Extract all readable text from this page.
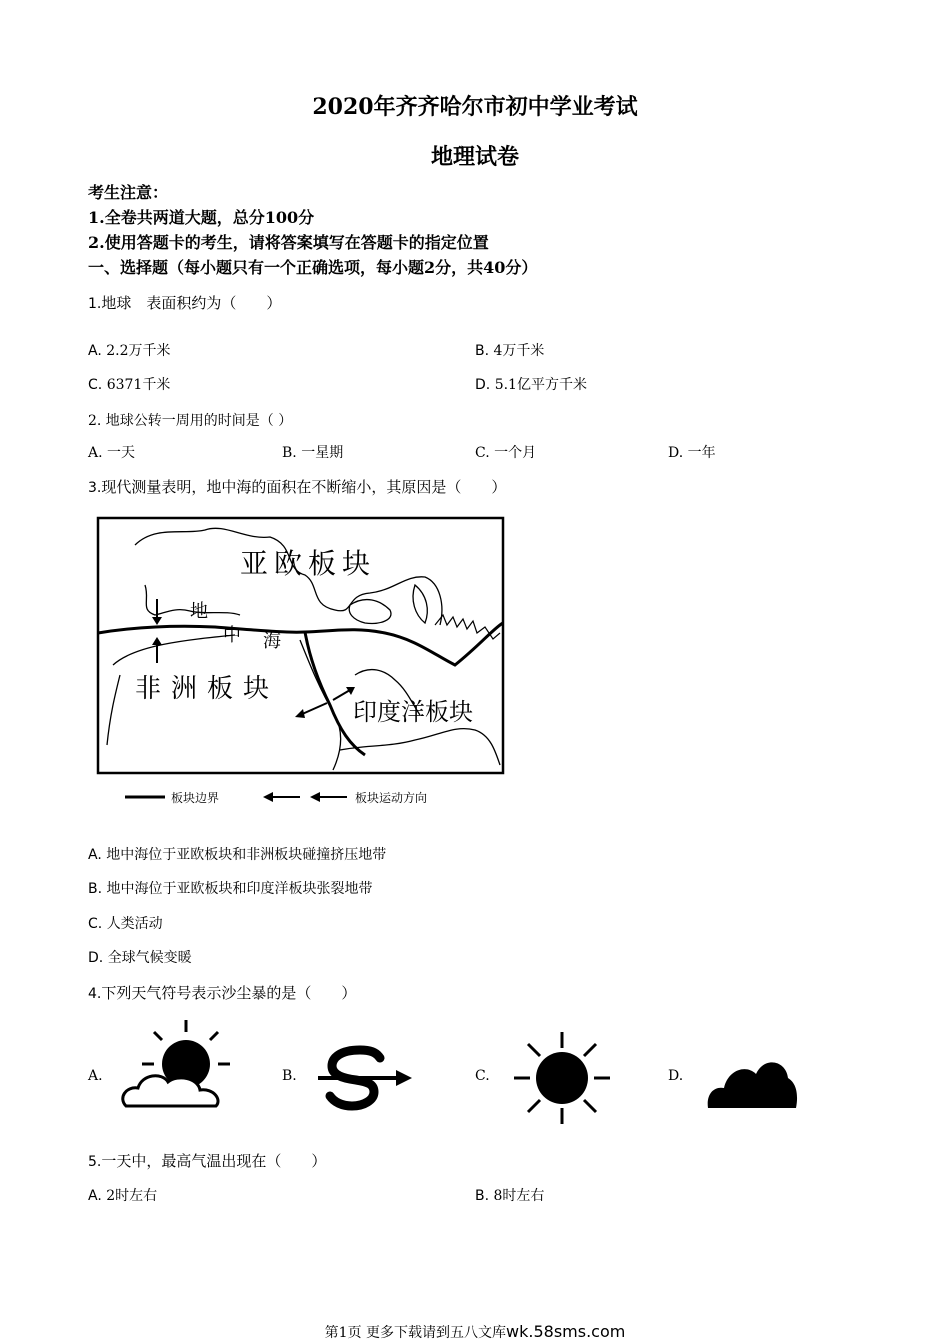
2020年齐齐哈尔市初中学业考试
地理试卷
考生注意：
1.全卷共两道大题，总分100分
2.使用答题卡的考生，请将答案填写在答题卡的指定位置
一、选择题（每小题只有一个正确选项，每小题2分，共40分）
1.地球　表面积约为（　　）
A. 2.2万千米	B. 4万千米
C. 6371千米	D. 5.1亿平方千米
2. 地球公转一周用的时间是（ ）
A. 一天	B. 一星期	C. 一个月	D. 一年
3.现代测量表明，地中海的面积在不断缩小，其原因是（　　）
亚欧板块
非洲板块
印度洋板块
地
中 海
板块边界	板块运动方向
A. 地中海位于亚欧板块和非洲板块碰撞挤压地带
B. 地中海位于亚欧板块和印度洋板块张裂地带
C. 人类活动
D. 全球气候变暖
4.下列天气符号表示沙尘暴的是（　　）
A.	B.	C.	D.
5.一天中，最高气温出现在（　　）
A. 2时左右	B. 8时左右
第1页 更多下载请到五八文库wk.58sms.com
